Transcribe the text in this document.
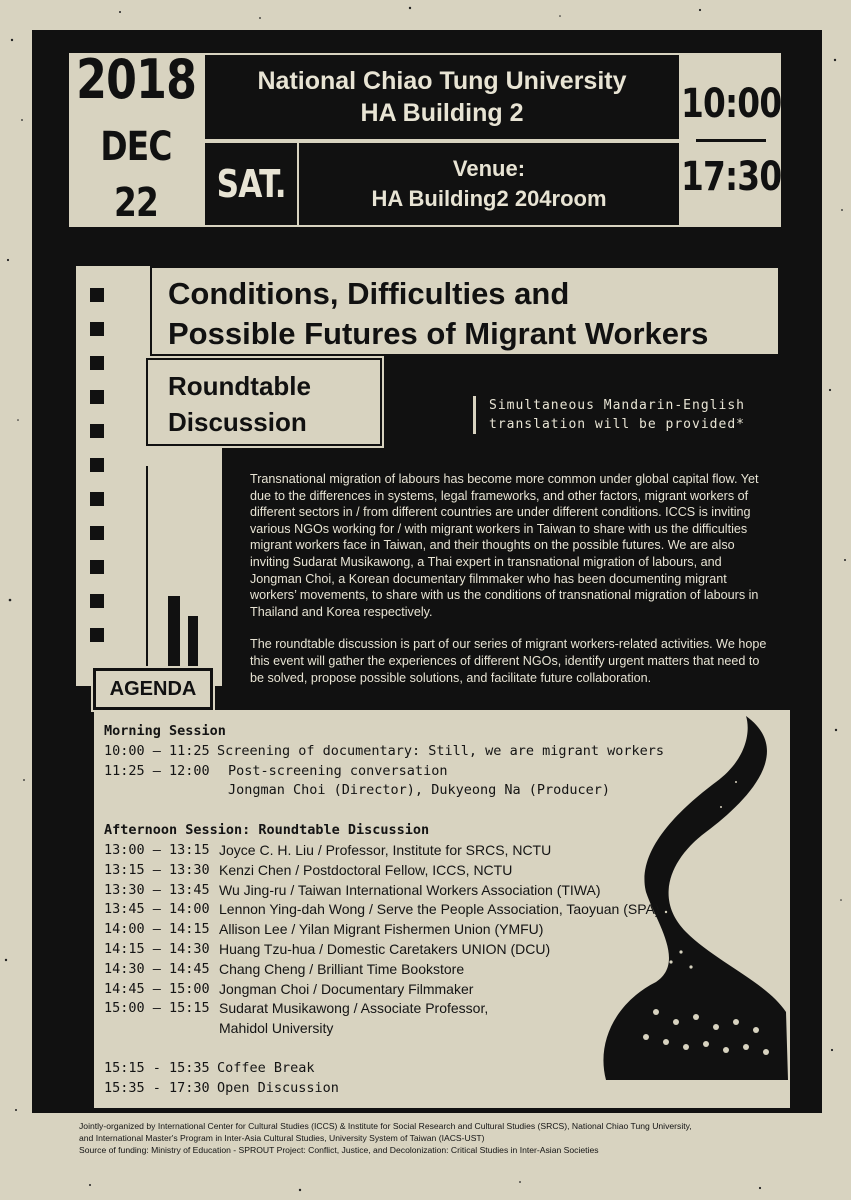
2018
DEC 22
National Chiao Tung University
HA Building 2
SAT.	Venue:
HA Building2 204room
10:00
17:30
Conditions, Difficulties and
Possible Futures of Migrant Workers
Roundtable
Discussion
Simultaneous Mandarin-English
translation will be provided*

Transnational migration of labours has become more common under global capital flow. Yet due to the differences in systems, legal frameworks, and other factors, migrant workers of different sectors in / from different countries are under different conditions. ICCS is inviting various NGOs working for / with migrant workers in Taiwan to share with us the difficulties migrant workers face in Taiwan, and their thoughts on the possible futures. We are also inviting Sudarat Musikawong, a Thai expert in transnational migration of labours, and Jongman Choi, a Korean documentary filmmaker who has been documenting migrant workers’ movements, to share with us the conditions of transnational migration of labours in Thailand and Korea respectively.

The roundtable discussion is part of our series of migrant workers-related activities. We hope this event will gather the experiences of different NGOs, identify urgent matters that need to be solved, propose possible solutions, and facilitate future collaboration.

AGENDA
Morning Session
10:00 – 11:25 Screening of documentary: Still, we are migrant workers
11:25 – 12:00	Post-screening conversation
Jongman Choi (Director), Dukyeong Na (Producer)
Afternoon Session: Roundtable Discussion
13:00 – 13:15 Joyce C. H. Liu / Professor, Institute for SRCS, NCTU
13:15 – 13:30 Kenzi Chen / Postdoctoral Fellow, ICCS, NCTU
13:30 – 13:45 Wu Jing-ru / Taiwan International Workers Association (TIWA)
13:45 – 14:00 Lennon Ying-dah Wong / Serve the People Association, Taoyuan (SPA)
14:00 – 14:15 Allison Lee / Yilan Migrant Fishermen Union (YMFU)
14:15 – 14:30 Huang Tzu-hua / Domestic Caretakers UNION (DCU)
14:30 – 14:45 Chang Cheng / Brilliant Time Bookstore
14:45 – 15:00 Jongman Choi / Documentary Filmmaker
15:00 – 15:15 Sudarat Musikawong / Associate Professor,
Mahidol University
15:15 - 15:35 Coffee Break
15:35 - 17:30 Open Discussion
Jointly-organized by International Center for Cultural Studies (ICCS) & Institute for Social Research and Cultural Studies (SRCS), National Chiao Tung University,
and International Master's Program in Inter-Asia Cultural Studies, University System of Taiwan (IACS-UST)
Source of funding: Ministry of Education - SPROUT Project: Conflict, Justice, and Decolonization: Critical Studies in Inter-Asian Societies
